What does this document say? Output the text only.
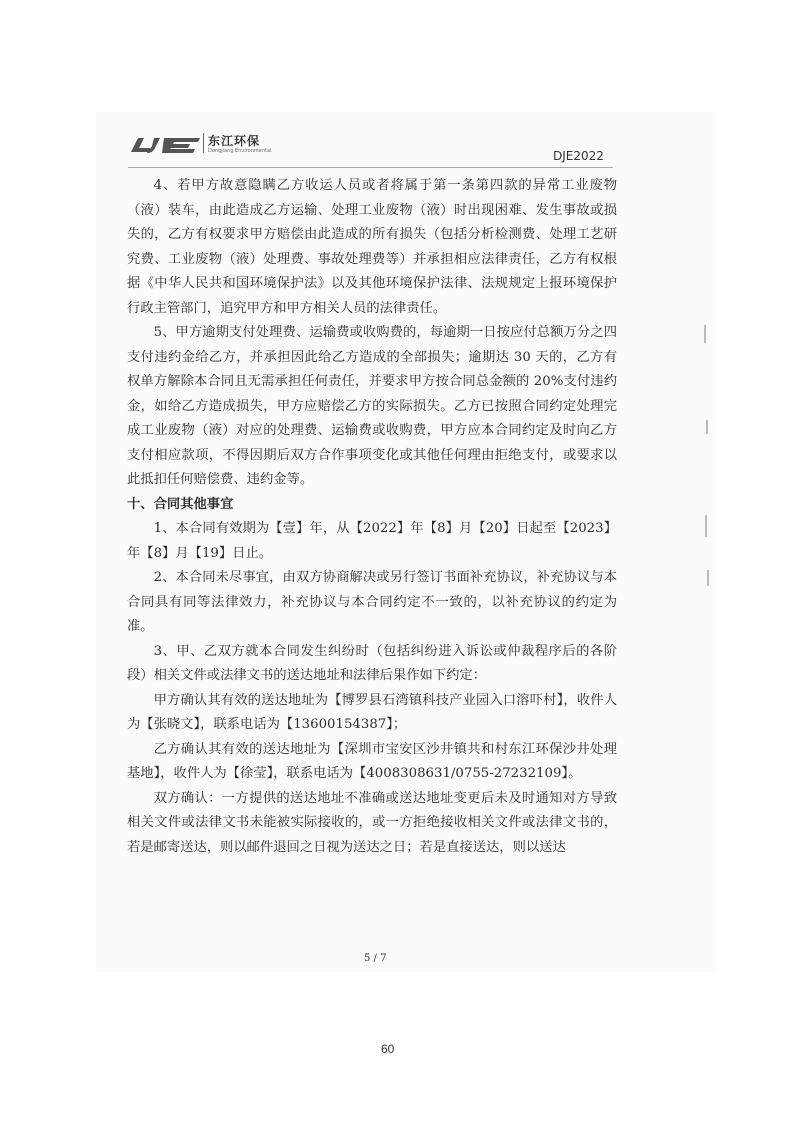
东江环保
Dongjiang Environmental	DJE2022

4、若甲方故意隐瞒乙方收运人员或者将属于第一条第四款的异常工业废物（液）装车，由此造成乙方运输、处理工业废物（液）时出现困难、发生事故或损失的，乙方有权要求甲方赔偿由此造成的所有损失（包括分析检测费、处理工艺研究费、工业废物（液）处理费、事故处理费等）并承担相应法律责任，乙方有权根据《中华人民共和国环境保护法》以及其他环境保护法律、法规规定上报环境保护行政主管部门，追究甲方和甲方相关人员的法律责任。

5、甲方逾期支付处理费、运输费或收购费的，每逾期一日按应付总额万分之四支付违约金给乙方，并承担因此给乙方造成的全部损失；逾期达 30 天的，乙方有权单方解除本合同且无需承担任何责任，并要求甲方按合同总金额的 20%支付违约金，如给乙方造成损失，甲方应赔偿乙方的实际损失。乙方已按照合同约定处理完成工业废物（液）对应的处理费、运输费或收购费，甲方应本合同约定及时向乙方支付相应款项，不得因期后双方合作事项变化或其他任何理由拒绝支付，或要求以此抵扣任何赔偿费、违约金等。

十、合同其他事宜

1、本合同有效期为【壹】年，从【2022】年【8】月【20】日起至【2023】年【8】月【19】日止。

2、本合同未尽事宜，由双方协商解决或另行签订书面补充协议，补充协议与本合同具有同等法律效力，补充协议与本合同约定不一致的，以补充协议的约定为准。

3、甲、乙双方就本合同发生纠纷时（包括纠纷进入诉讼或仲裁程序后的各阶段）相关文件或法律文书的送达地址和法律后果作如下约定：

甲方确认其有效的送达地址为【博罗县石湾镇科技产业园入口溶吓村】，收件人为【张晓文】，联系电话为【13600154387】；

乙方确认其有效的送达地址为【深圳市宝安区沙井镇共和村东江环保沙井处理基地】，收件人为【徐莹】，联系电话为【4008308631/0755-27232109】。

双方确认：一方提供的送达地址不准确或送达地址变更后未及时通知对方导致相关文件或法律文书未能被实际接收的，或一方拒绝接收相关文件或法律文书的，若是邮寄送达，则以邮件退回之日视为送达之日；若是直接送达，则以送达

5 / 7
60
